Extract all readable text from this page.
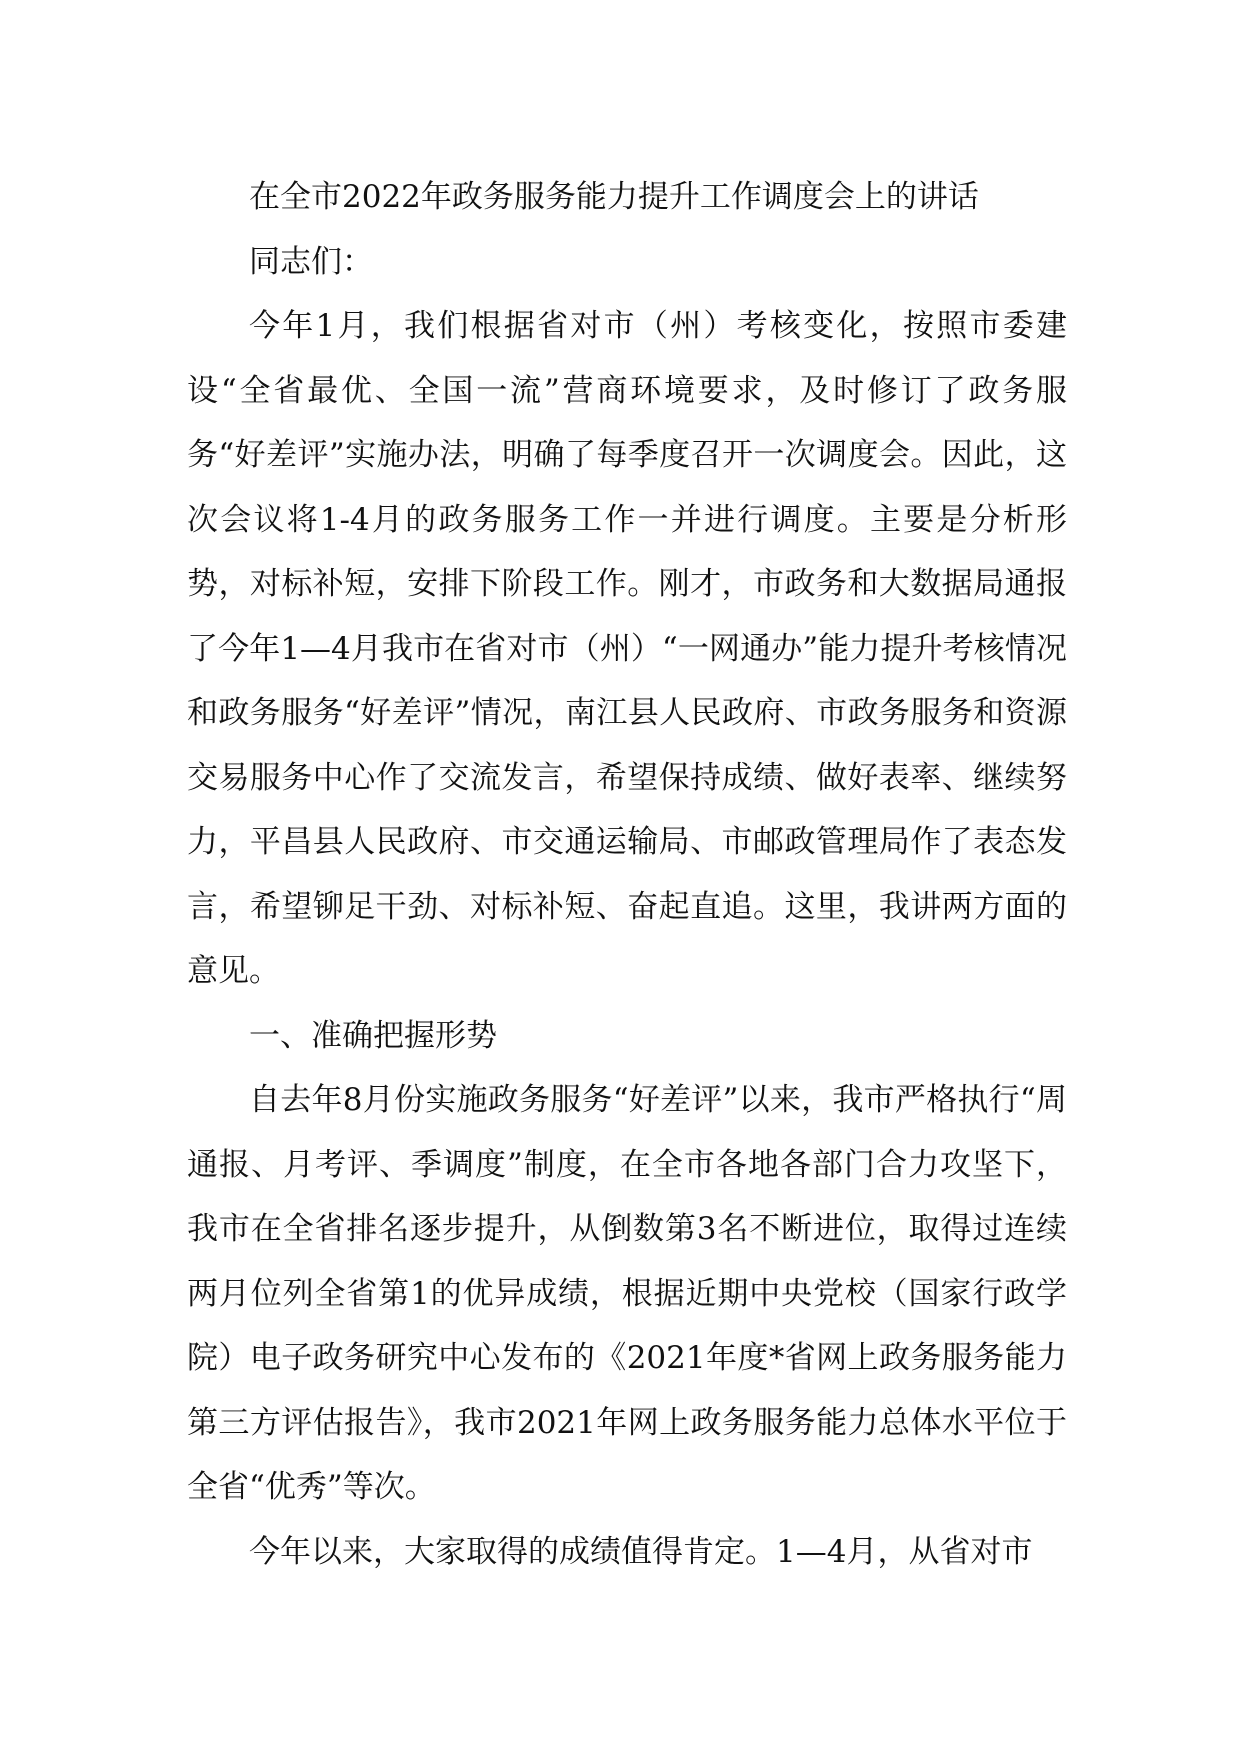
在全市2022年政务服务能力提升工作调度会上的讲话

同志们：

今年1月，我们根据省对市（州）考核变化，按照市委建设“全省最优、全国一流”营商环境要求，及时修订了政务服务“好差评”实施办法，明确了每季度召开一次调度会。因此，这次会议将1-4月的政务服务工作一并进行调度。主要是分析形势，对标补短，安排下阶段工作。刚才，市政务和大数据局通报了今年1—4月我市在省对市（州）“一网通办”能力提升考核情况和政务服务“好差评”情况，南江县人民政府、市政务服务和资源交易服务中心作了交流发言，希望保持成绩、做好表率、继续努力，平昌县人民政府、市交通运输局、市邮政管理局作了表态发言，希望铆足干劲、对标补短、奋起直追。这里，我讲两方面的意见。

一、准确把握形势

自去年8月份实施政务服务“好差评”以来，我市严格执行“周通报、月考评、季调度”制度，在全市各地各部门合力攻坚下，我市在全省排名逐步提升，从倒数第3名不断进位，取得过连续两月位列全省第1的优异成绩，根据近期中央党校（国家行政学院）电子政务研究中心发布的《2021年度*省网上政务服务能力第三方评估报告》，我市2021年网上政务服务能力总体水平位于全省“优秀”等次。

今年以来，大家取得的成绩值得肯定。1—4月，从省对市
